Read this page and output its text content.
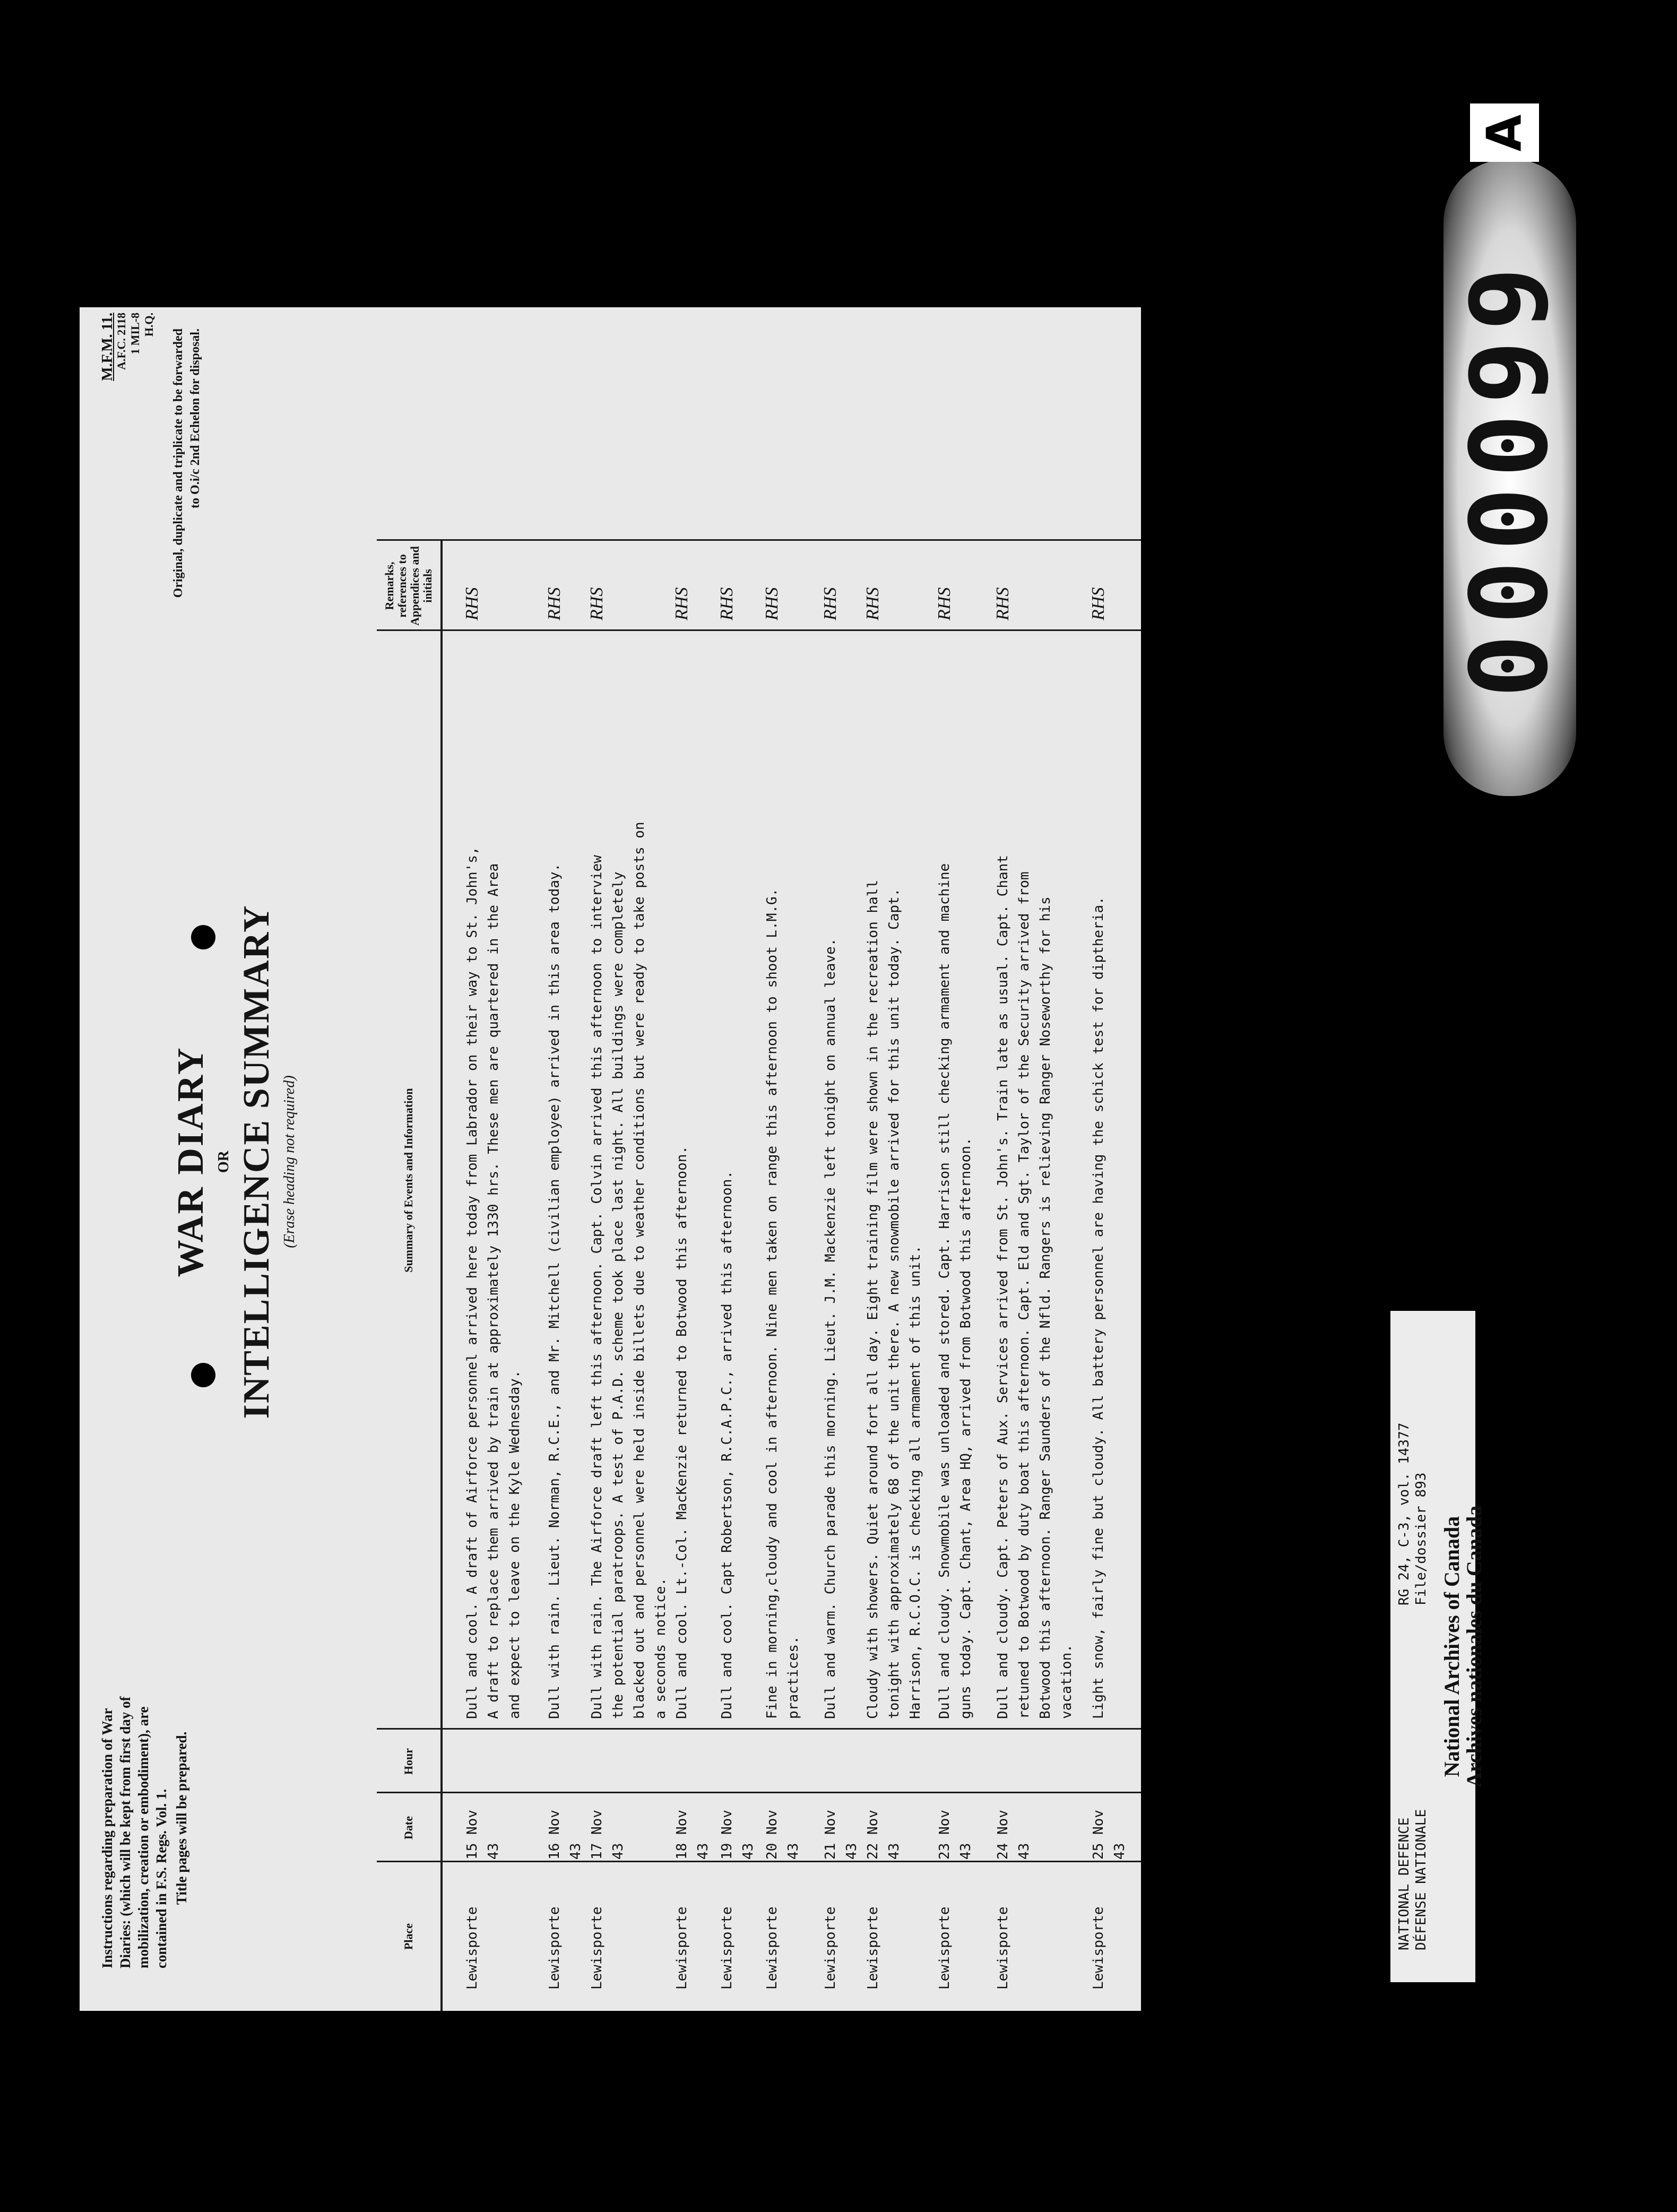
Instructions regarding preparation of War Diaries: (which will be kept from first day of mobilization, creation or embodiment), are contained in F.S. Regs. Vol. 1. Title pages will be prepared.
WAR DIARY OR INTELLIGENCE SUMMARY (Erase heading not required)
M.F.M. 11.
A.F.C. 2118 1 MIL-8 H.Q.
Original, duplicate and triplicate to be forwarded to O.i/c 2nd Echelon for disposal.
Place
Date
Hour
Summary of Events and Information
Remarks, references to Appendices and initials
Lewisporte
15 Nov 43
Dull and cool. A draft of Airforce personnel arrived here today from Labrador on their way to St. John's, A draft to replace them arrived by train at approximately 1330 hrs. These men are quartered in the Area and expect to leave on the Kyle Wednesday.
RHS
Lewisporte
16 Nov 43
Dull with rain. Lieut. Norman, R.C.E., and Mr. Mitchell (civilian employee) arrived in this area today.
RHS
Lewisporte
17 Nov 43
Dull with rain. The Airforce draft left this afternoon. Capt. Colvin arrived this afternoon to interview the potential paratroops. A test of P.A.D. scheme took place last night. All buildings were completely blacked out and personnel were held inside billets due to weather conditions but were ready to take posts on a seconds notice.
RHS
Lewisporte
18 Nov 43
Dull and cool. Lt.-Col. MacKenzie returned to Botwood this afternoon.
RHS
Lewisporte
19 Nov 43
Dull and cool. Capt Robertson, R.C.A.P.C., arrived this afternoon.
RHS
Lewisporte
20 Nov 43
Fine in morning,cloudy and cool in afternoon. Nine men taken on range this afternoon to shoot L.M.G. practices.
RHS
Lewisporte
21 Nov 43
Dull and warm. Church parade this morning. Lieut. J.M. Mackenzie left tonight on annual leave.
RHS
Lewisporte
22 Nov 43
Cloudy with showers. Quiet around fort all day. Eight training film were shown in the recreation hall tonight with approximately 68 of the unit there. A new snowmobile arrived for this unit today. Capt. Harrison, R.C.O.C. is checking all armament of this unit.
RHS
Lewisporte
23 Nov 43
Dull and cloudy. Snowmobile was unloaded and stored. Capt. Harrison still checking armament and machine guns today. Capt. Chant, Area HQ, arrived from Botwood this afternoon.
RHS
Lewisporte
24 Nov 43
Dull and cloudy. Capt. Peters of Aux. Services arrived from St. John's. Train late as usual. Capt. Chant retuned to Botwood by duty boat this afternoon. Capt. Eld and Sgt. Taylor of the Security arrived from Botwood this afternoon. Ranger Saunders of the Nfld. Rangers is relieving Ranger Noseworthy for his vacation.
RHS
Lewisporte
25 Nov 43
Light snow, fairly fine but cloudy. All battery personnel are having the schick test for diptheria.
RHS
NATIONAL DEFENCE DÉFENSE NATIONALE
RG 24, C-3, vol. 14377 File/dossier 893 National Archives of Canada
Archives nationales du Canada
000099
A
